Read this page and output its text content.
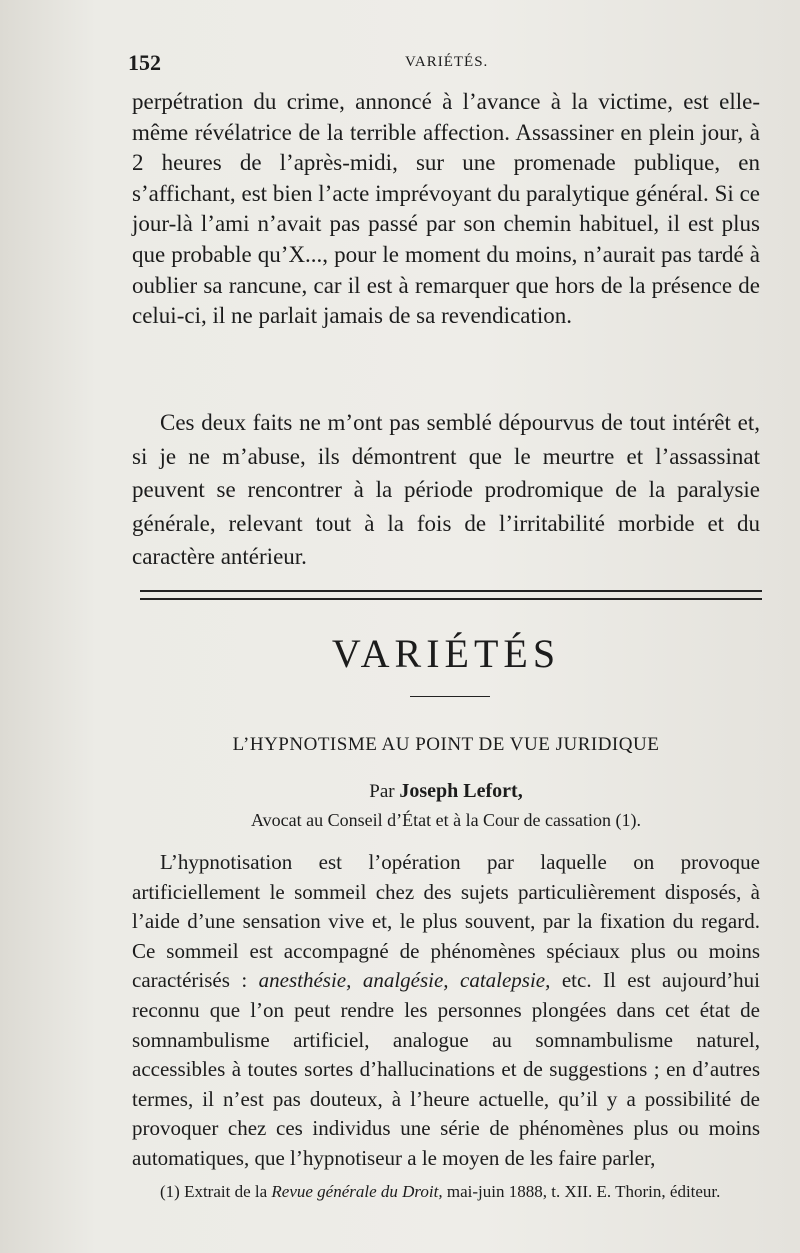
152	VARIÉTÉS.

perpétration du crime, annoncé à l’avance à la victime, est elle-même révélatrice de la terrible affection. Assassiner en plein jour, à 2 heures de l’après-midi, sur une promenade publique, en s’affichant, est bien l’acte imprévoyant du paralytique général. Si ce jour-là l’ami n’avait pas passé par son chemin habituel, il est plus que probable qu’X..., pour le moment du moins, n’aurait pas tardé à oublier sa rancune, car il est à remarquer que hors de la présence de celui-ci, il ne parlait jamais de sa revendication.

Ces deux faits ne m’ont pas semblé dépourvus de tout intérêt et, si je ne m’abuse, ils démontrent que le meurtre et l’assassinat peuvent se rencontrer à la période prodromique de la paralysie générale, relevant tout à la fois de l’irritabilité morbide et du caractère antérieur.

VARIÉTÉS
L’HYPNOTISME AU POINT DE VUE JURIDIQUE
Par Joseph Lefort,
Avocat au Conseil d’État et à la Cour de cassation (1).

L’hypnotisation est l’opération par laquelle on provoque artificiellement le sommeil chez des sujets particulièrement disposés, à l’aide d’une sensation vive et, le plus souvent, par la fixation du regard. Ce sommeil est accompagné de phénomènes spéciaux plus ou moins caractérisés : anesthésie, analgésie, catalepsie, etc. Il est aujourd’hui reconnu que l’on peut rendre les personnes plongées dans cet état de somnambulisme artificiel, analogue au somnambulisme naturel, accessibles à toutes sortes d’hallucinations et de suggestions ; en d’autres termes, il n’est pas douteux, à l’heure actuelle, qu’il y a possibilité de provoquer chez ces individus une série de phénomènes plus ou moins automatiques, que l’hypnotiseur a le moyen de les faire parler,

(1) Extrait de la Revue générale du Droit, mai-juin 1888, t. XII. E. Thorin, éditeur.
